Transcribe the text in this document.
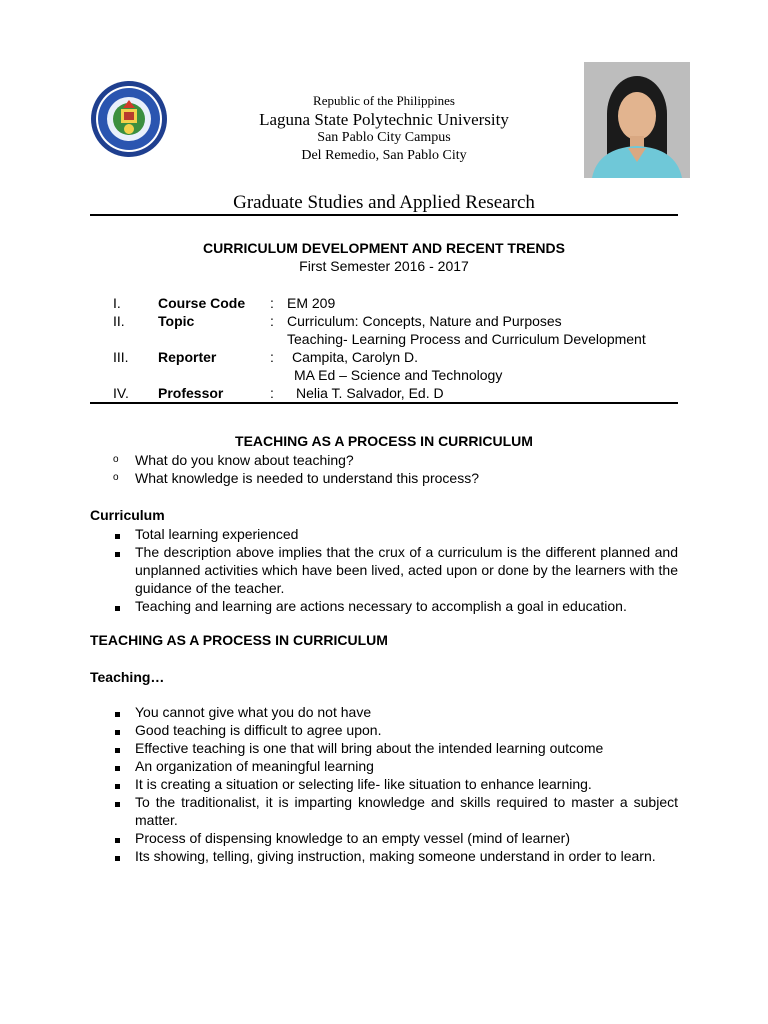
Republic of the Philippines
Laguna State Polytechnic University
San Pablo City Campus
Del Remedio, San Pablo City
Graduate Studies and Applied Research
CURRICULUM DEVELOPMENT AND RECENT TRENDS
First Semester 2016 - 2017
I.	Course Code : EM 209
II. Topic	: Curriculum: Concepts, Nature and Purposes
Teaching- Learning Process and Curriculum Development
III. Reporter	: Campita, Carolyn D.
MA Ed – Science and Technology
IV. Professor	: Nelia T. Salvador, Ed. D
TEACHING AS A PROCESS IN CURRICULUM
o	What do you know about teaching?
o	What knowledge is needed to understand this process?
Curriculum
Total learning experienced
The description above implies that the crux of a curriculum is the different planned and unplanned activities which have been lived, acted upon or done by the learners with the guidance of the teacher.
Teaching and learning are actions necessary to accomplish a goal in education.
TEACHING AS A PROCESS IN CURRICULUM
Teaching…
You cannot give what you do not have
Good teaching is difficult to agree upon.
Effective teaching is one that will bring about the intended learning outcome
An organization of meaningful learning
It is creating a situation or selecting life- like situation to enhance learning.
To the traditionalist, it is imparting knowledge and skills required to master a subject matter.
Process of dispensing knowledge to an empty vessel (mind of learner)
Its showing, telling, giving instruction, making someone understand in order to learn.
